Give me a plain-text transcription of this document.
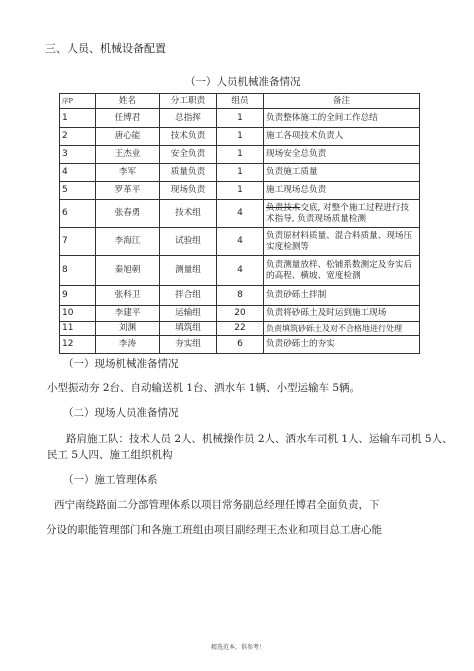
三、人员、机械设备配置
（一）人员机械准备情况
序P	姓名	分工职责	组员	备注
1	任博君	总指挥	1	负责整体施工的全间工作总结
2	唐心能	技术负责	1	施工各项技术负责人
3	王杰业	安全负责	1	现场安全总负责
4	李军	质量负责	1	负责施工质量
5	罗革平	现场负责	1	施工现场总负责
6	张春勇	技术组	4	负责技术交底, 对整个施工过程进行技术指导, 负责现场质量检测
7	李海江	试验组	4	负责原材料质量、混合料质量、现场压实度检测等
8	秦旭朝	测量组	4	负责测量放样、松铺系数测定及夯实后的高程、横坡、宽度检测
9	张科卫	拌合组	8	负责砂砾土拌制
10	李建平	运输组	20	负责将砂砾土及时运到施工现场
11	刘渊	填筑组	22	负责填筑砂砾土及对不合格地进行处理
12	李涛	夯实组	6	负责砂砾土的夯实
（一）现场机械准备情况
小型振动夯 2台、自动输送机 1台、洒水车 1辆、小型运输车 5辆。
（二）现场人员准备情况
路肩施工队：技术人员 2人、机械操作员 2人、洒水车司机 1人、运输车司机 5人、
民工 5人四、施工组织机构
（一）施工管理体系
西宁南绕路面二分部管理体系以项目常务副总经理任博君全面负责，下
分设的职能管理部门和各施工班组由项目副经理王杰业和项目总工唐心能
精选范本，供参考！
